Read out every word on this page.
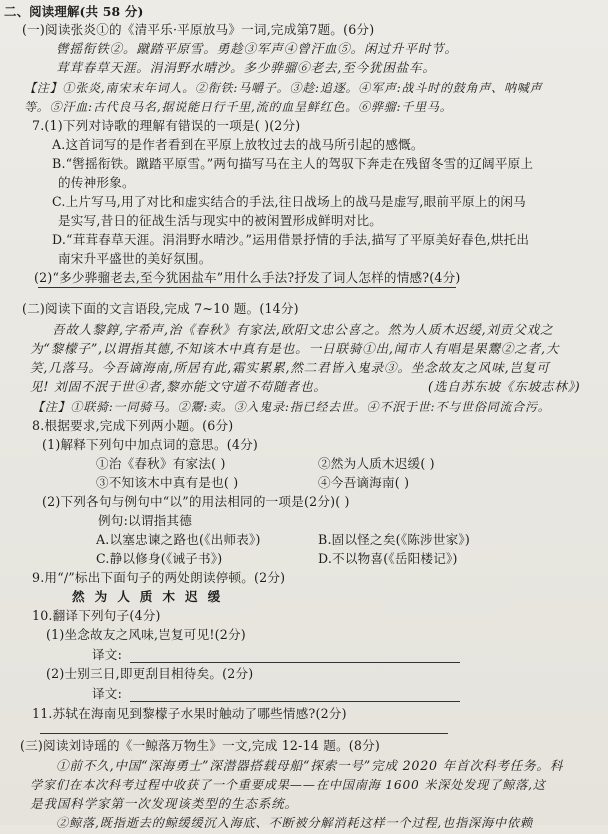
二、阅读理解(共 58 分)
(一)阅读张炎①的《清平乐·平原放马》一词,完成第7题。(6分)
辔摇衔铁②。蹴踏平原雪。勇趁③军声④曾汗血⑤。闲过升平时节。
茸茸春草天涯。涓涓野水晴沙。多少骅骝⑥老去,至今犹困盐车。
【注】①张炎,南宋末年词人。②衔铁:马嚼子。③趁:追逐。④军声:战斗时的鼓角声、呐喊声
等。⑤汗血:古代良马名,据说能日行千里,流的血呈鲜红色。⑥骅骝:千里马。
7.(1)下列对诗歌的理解有错误的一项是( )(2分)
A.这首词写的是作者看到在平原上放牧过去的战马所引起的感慨。
B.“辔摇衔铁。蹴踏平原雪。”两句描写马在主人的驾驭下奔走在残留冬雪的辽阔平原上
的传神形象。
C.上片写马,用了对比和虚实结合的手法,往日战场上的战马是虚写,眼前平原上的闲马
是实写,昔日的征战生活与现实中的被闲置形成鲜明对比。
D.“茸茸春草天涯。涓涓野水晴沙。”运用借景抒情的手法,描写了平原美好春色,烘托出
南宋升平盛世的美好氛围。
(2)“多少骅骝老去,至今犹困盐车”用什么手法?抒发了词人怎样的情感?(4分)
(二)阅读下面的文言语段,完成 7~10 题。(14分)
吾故人黎錞,字希声,治《春秋》有家法,欧阳文忠公喜之。然为人质木迟缓,刘贡父戏之
为“黎檬子”,以谓指其德,不知该木中真有是也。一日联骑①出,闻市人有唱是果鬻②之者,大
笑,几落马。今吾谪海南,所居有此,霜实累累,然二君皆入鬼录③。坐念故友之风味,岂复可
见! 刘固不泯于世④者,黎亦能文守道不苟随者也。	(选自苏东坡《东坡志林》)
【注】①联骑:一同骑马。②鬻:卖。③入鬼录:指已经去世。④不泯于世:不与世俗同流合污。
8.根据要求,完成下列两小题。(6分)
(1)解释下列句中加点词的意思。(4分)
①治《春秋》有家法( )	②然为人质木迟缓( )
③不知该木中真有是也( )	④今吾谪海南( )
(2)下列各句与例句中“以”的用法相同的一项是(2分)( )
例句:以谓指其德
A.以塞忠谏之路也(《出师表》)	B.固以怪之矣(《陈涉世家》)
C.静以修身(《诫子书》)	D.不以物喜(《岳阳楼记》)
9.用“/”标出下面句子的两处朗读停顿。(2分)
然为人质木迟缓
10.翻译下列句子(4分)
(1)坐念故友之风味,岂复可见!(2分)
译文:
(2)士别三日,即更刮目相待矣。(2分)
译文:
11.苏轼在海南见到黎檬子水果时触动了哪些情感?(2分)
(三)阅读刘诗瑶的《一鲸落万物生》一文,完成 12-14 题。(8分)
①前不久,中国“深海勇士”深潜器搭载母船“探索一号”完成 2020 年首次科考任务。科
学家们在本次科考过程中收获了一个重要成果——在中国南海 1600 米深处发现了鲸落,这
是我国科学家第一次发现该类型的生态系统。
②鲸落,既指逝去的鲸缓缓沉入海底、不断被分解消耗这样一个过程,也指深海中依赖
